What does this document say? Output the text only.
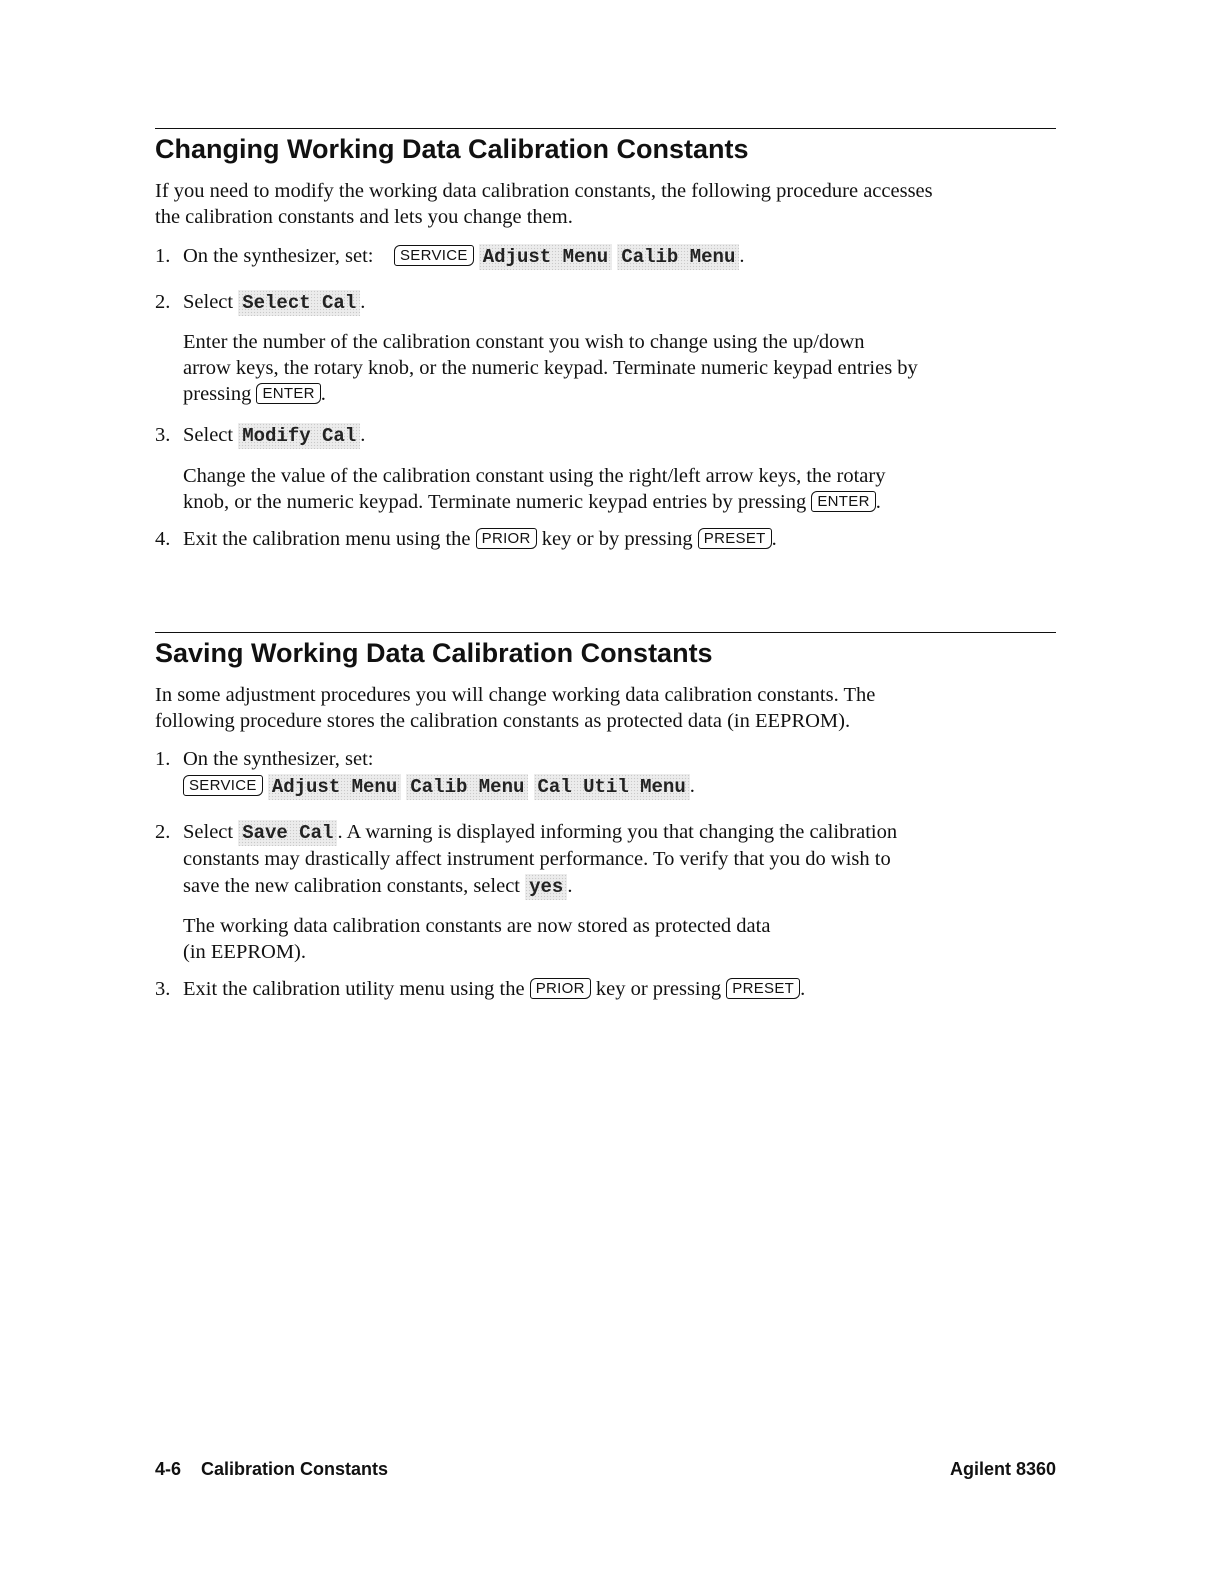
Changing Working Data Calibration Constants
If you need to modify the working data calibration constants, the following procedure accesses
the calibration constants and lets you change them.
1. On the synthesizer, set: SERVICE Adjust Menu Calib Menu .
2. Select Select Cal .
Enter the number of the calibration constant you wish to change using the up/down
arrow keys, the rotary knob, or the numeric keypad. Terminate numeric keypad entries by
pressing ENTER .
3. Select Modify Cal .
Change the value of the calibration constant using the right/left arrow keys, the rotary
knob, or the numeric keypad. Terminate numeric keypad entries by pressing ENTER .
4. Exit the calibration menu using the PRIOR key or by pressing PRESET .
Saving Working Data Calibration Constants
In some adjustment procedures you will change working data calibration constants. The
following procedure stores the calibration constants as protected data (in EEPROM).
1. On the synthesizer, set:
SERVICE Adjust Menu Calib Menu Cal Util Menu .
2. Select Save Cal . A warning is displayed informing you that changing the calibration
constants may drastically affect instrument performance. To verify that you do wish to
save the new calibration constants, select yes .
The working data calibration constants are now stored as protected data
(in EEPROM).
3. Exit the calibration utility menu using the PRIOR key or pressing PRESET .
4-6    Calibration Constants	Agilent 8360
